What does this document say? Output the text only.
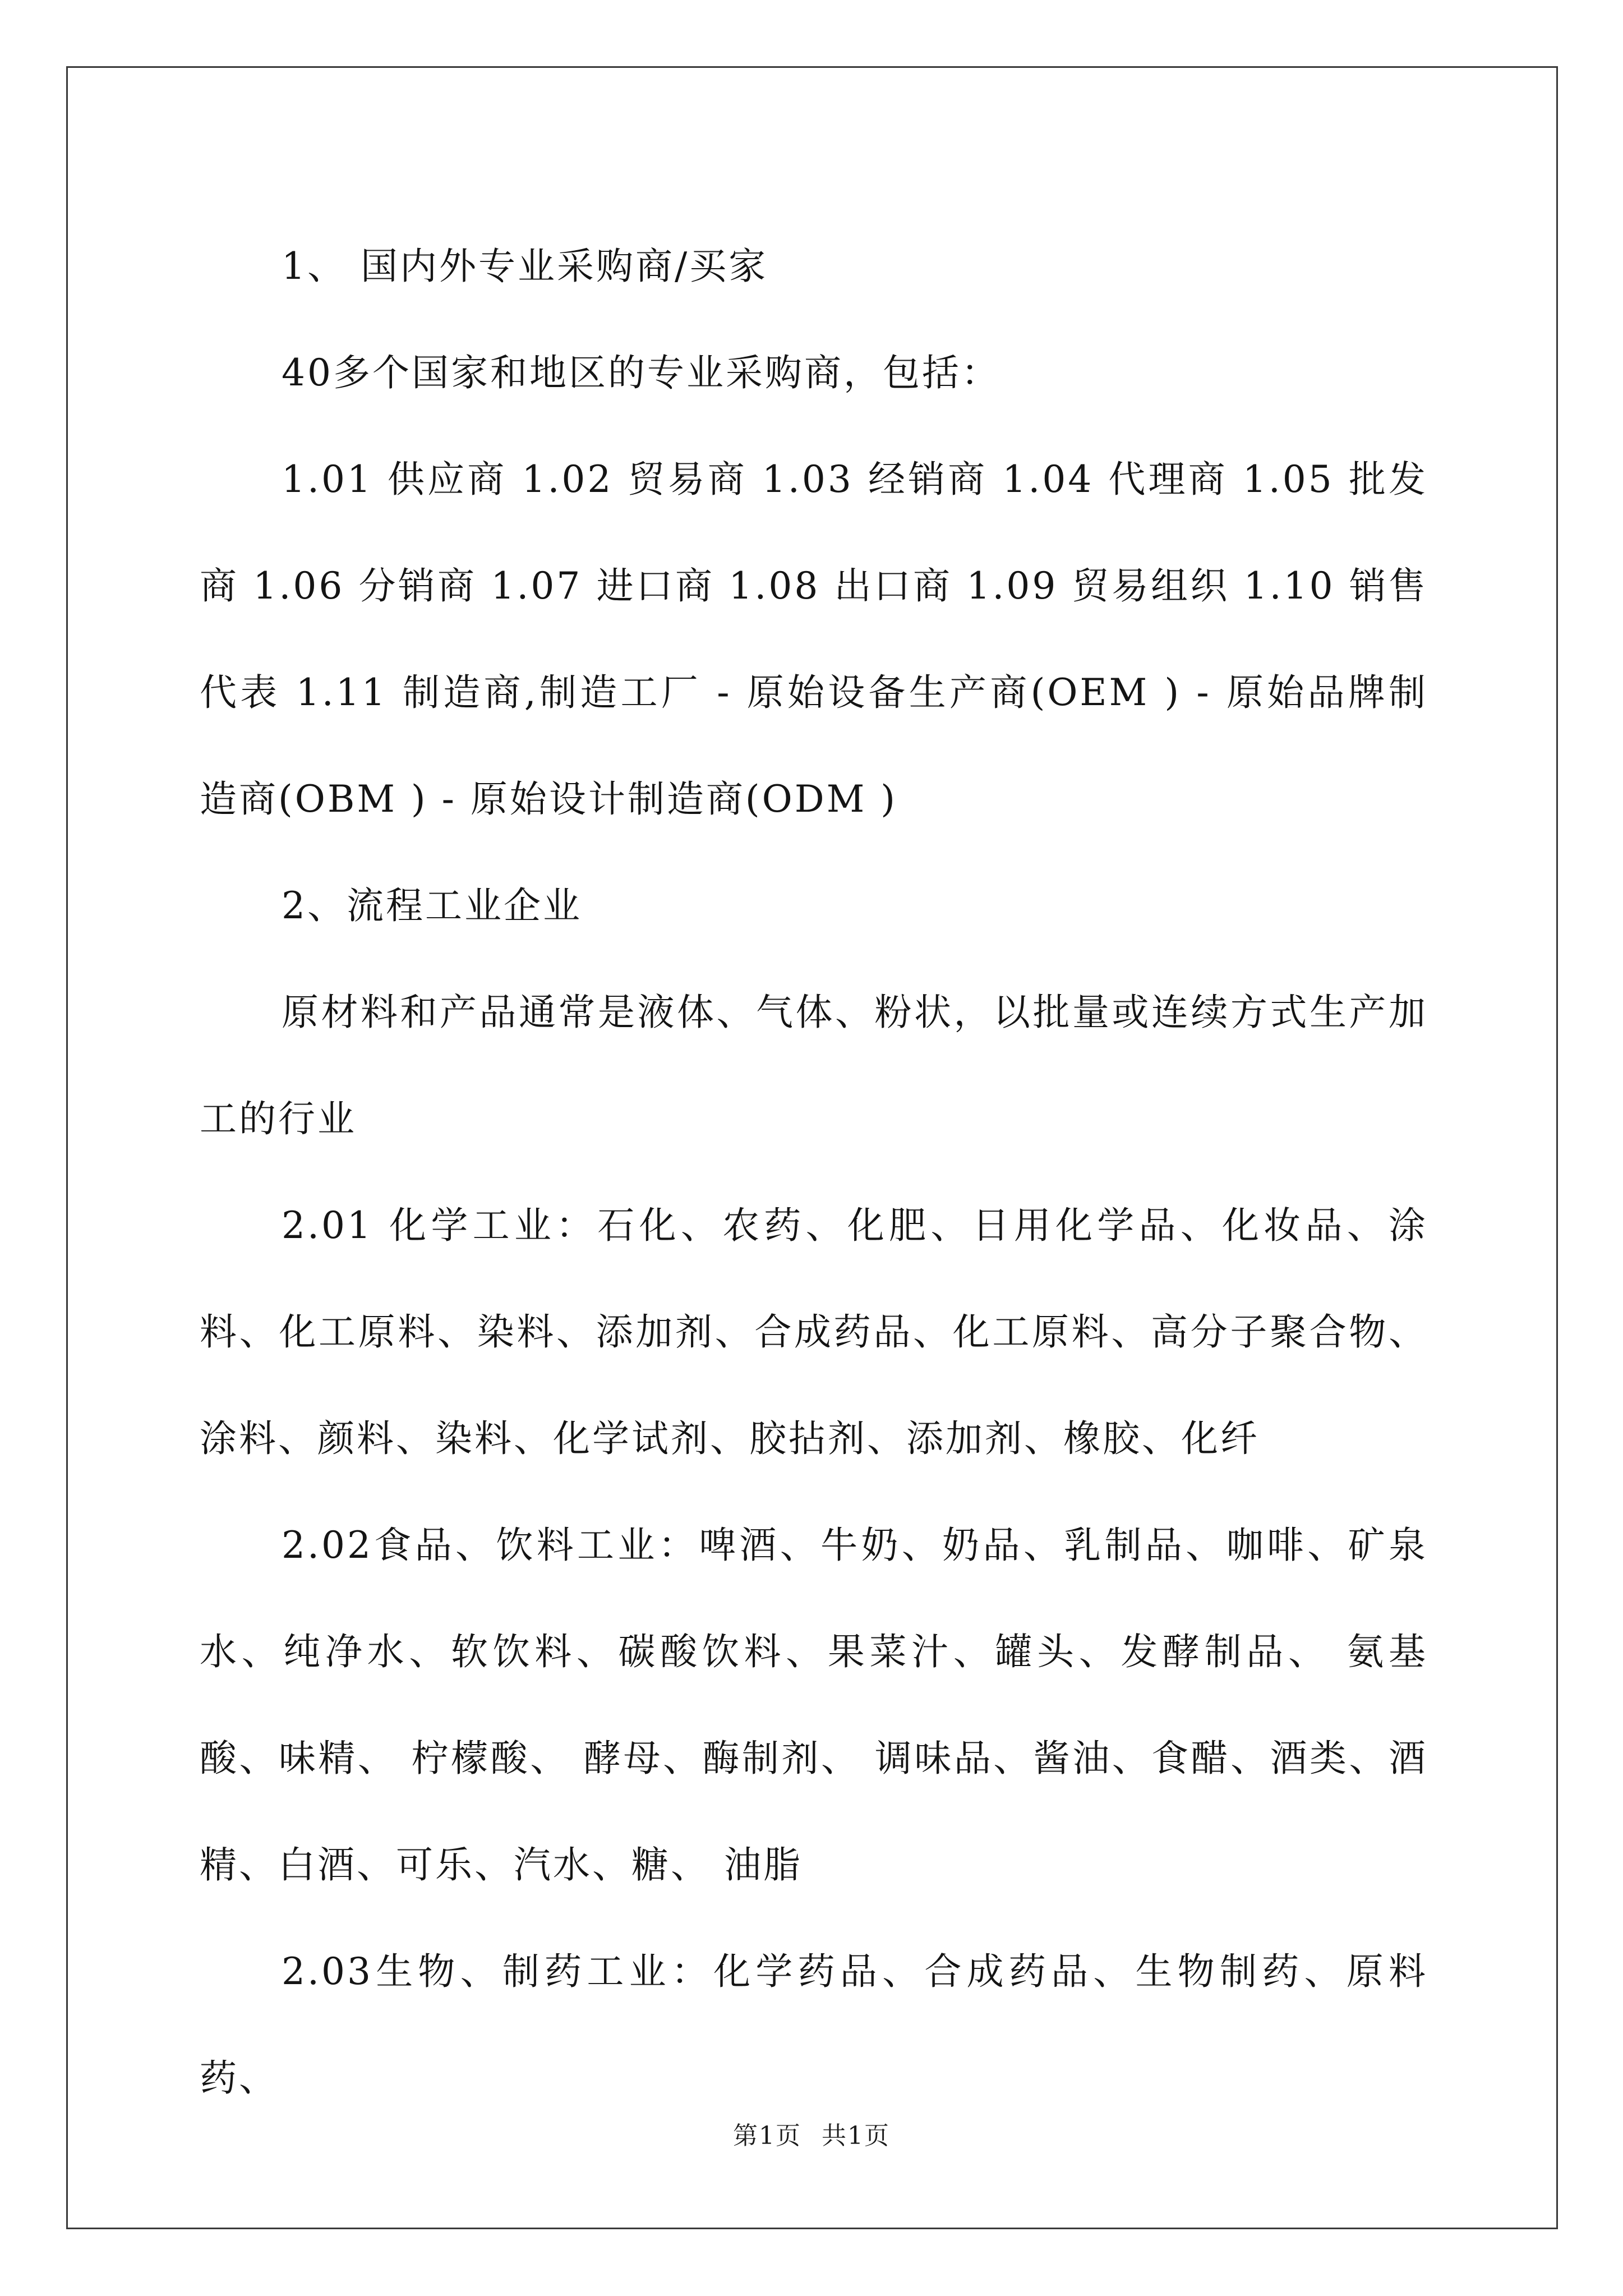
1、 国内外专业采购商/买家

40多个国家和地区的专业采购商，包括：

1.01 供应商 1.02 贸易商 1.03 经销商 1.04 代理商 1.05 批发商 1.06 分销商 1.07 进口商 1.08 出口商 1.09 贸易组织 1.10 销售代表 1.11 制造商,制造工厂 - 原始设备生产商(OEM ) - 原始品牌制造商(OBM ) - 原始设计制造商(ODM )

2、流程工业企业

原材料和产品通常是液体、气体、粉状，以批量或连续方式生产加工的行业

2.01 化学工业：石化、农药、化肥、日用化学品、化妆品、涂料、化工原料、染料、添加剂、合成药品、化工原料、高分子聚合物、涂料、颜料、染料、化学试剂、胶拈剂、添加剂、橡胶、化纤

2.02食品、饮料工业：啤酒、牛奶、奶品、乳制品、咖啡、矿泉水、纯净水、软饮料、碳酸饮料、果菜汁、罐头、发酵制品、 氨基酸、味精、 柠檬酸、 酵母、酶制剂、 调味品、酱油、食醋、酒类、酒精、白酒、可乐、汽水、糖、 油脂

2.03生物、制药工业：化学药品、合成药品、生物制药、原料药、

第1页 共1页
